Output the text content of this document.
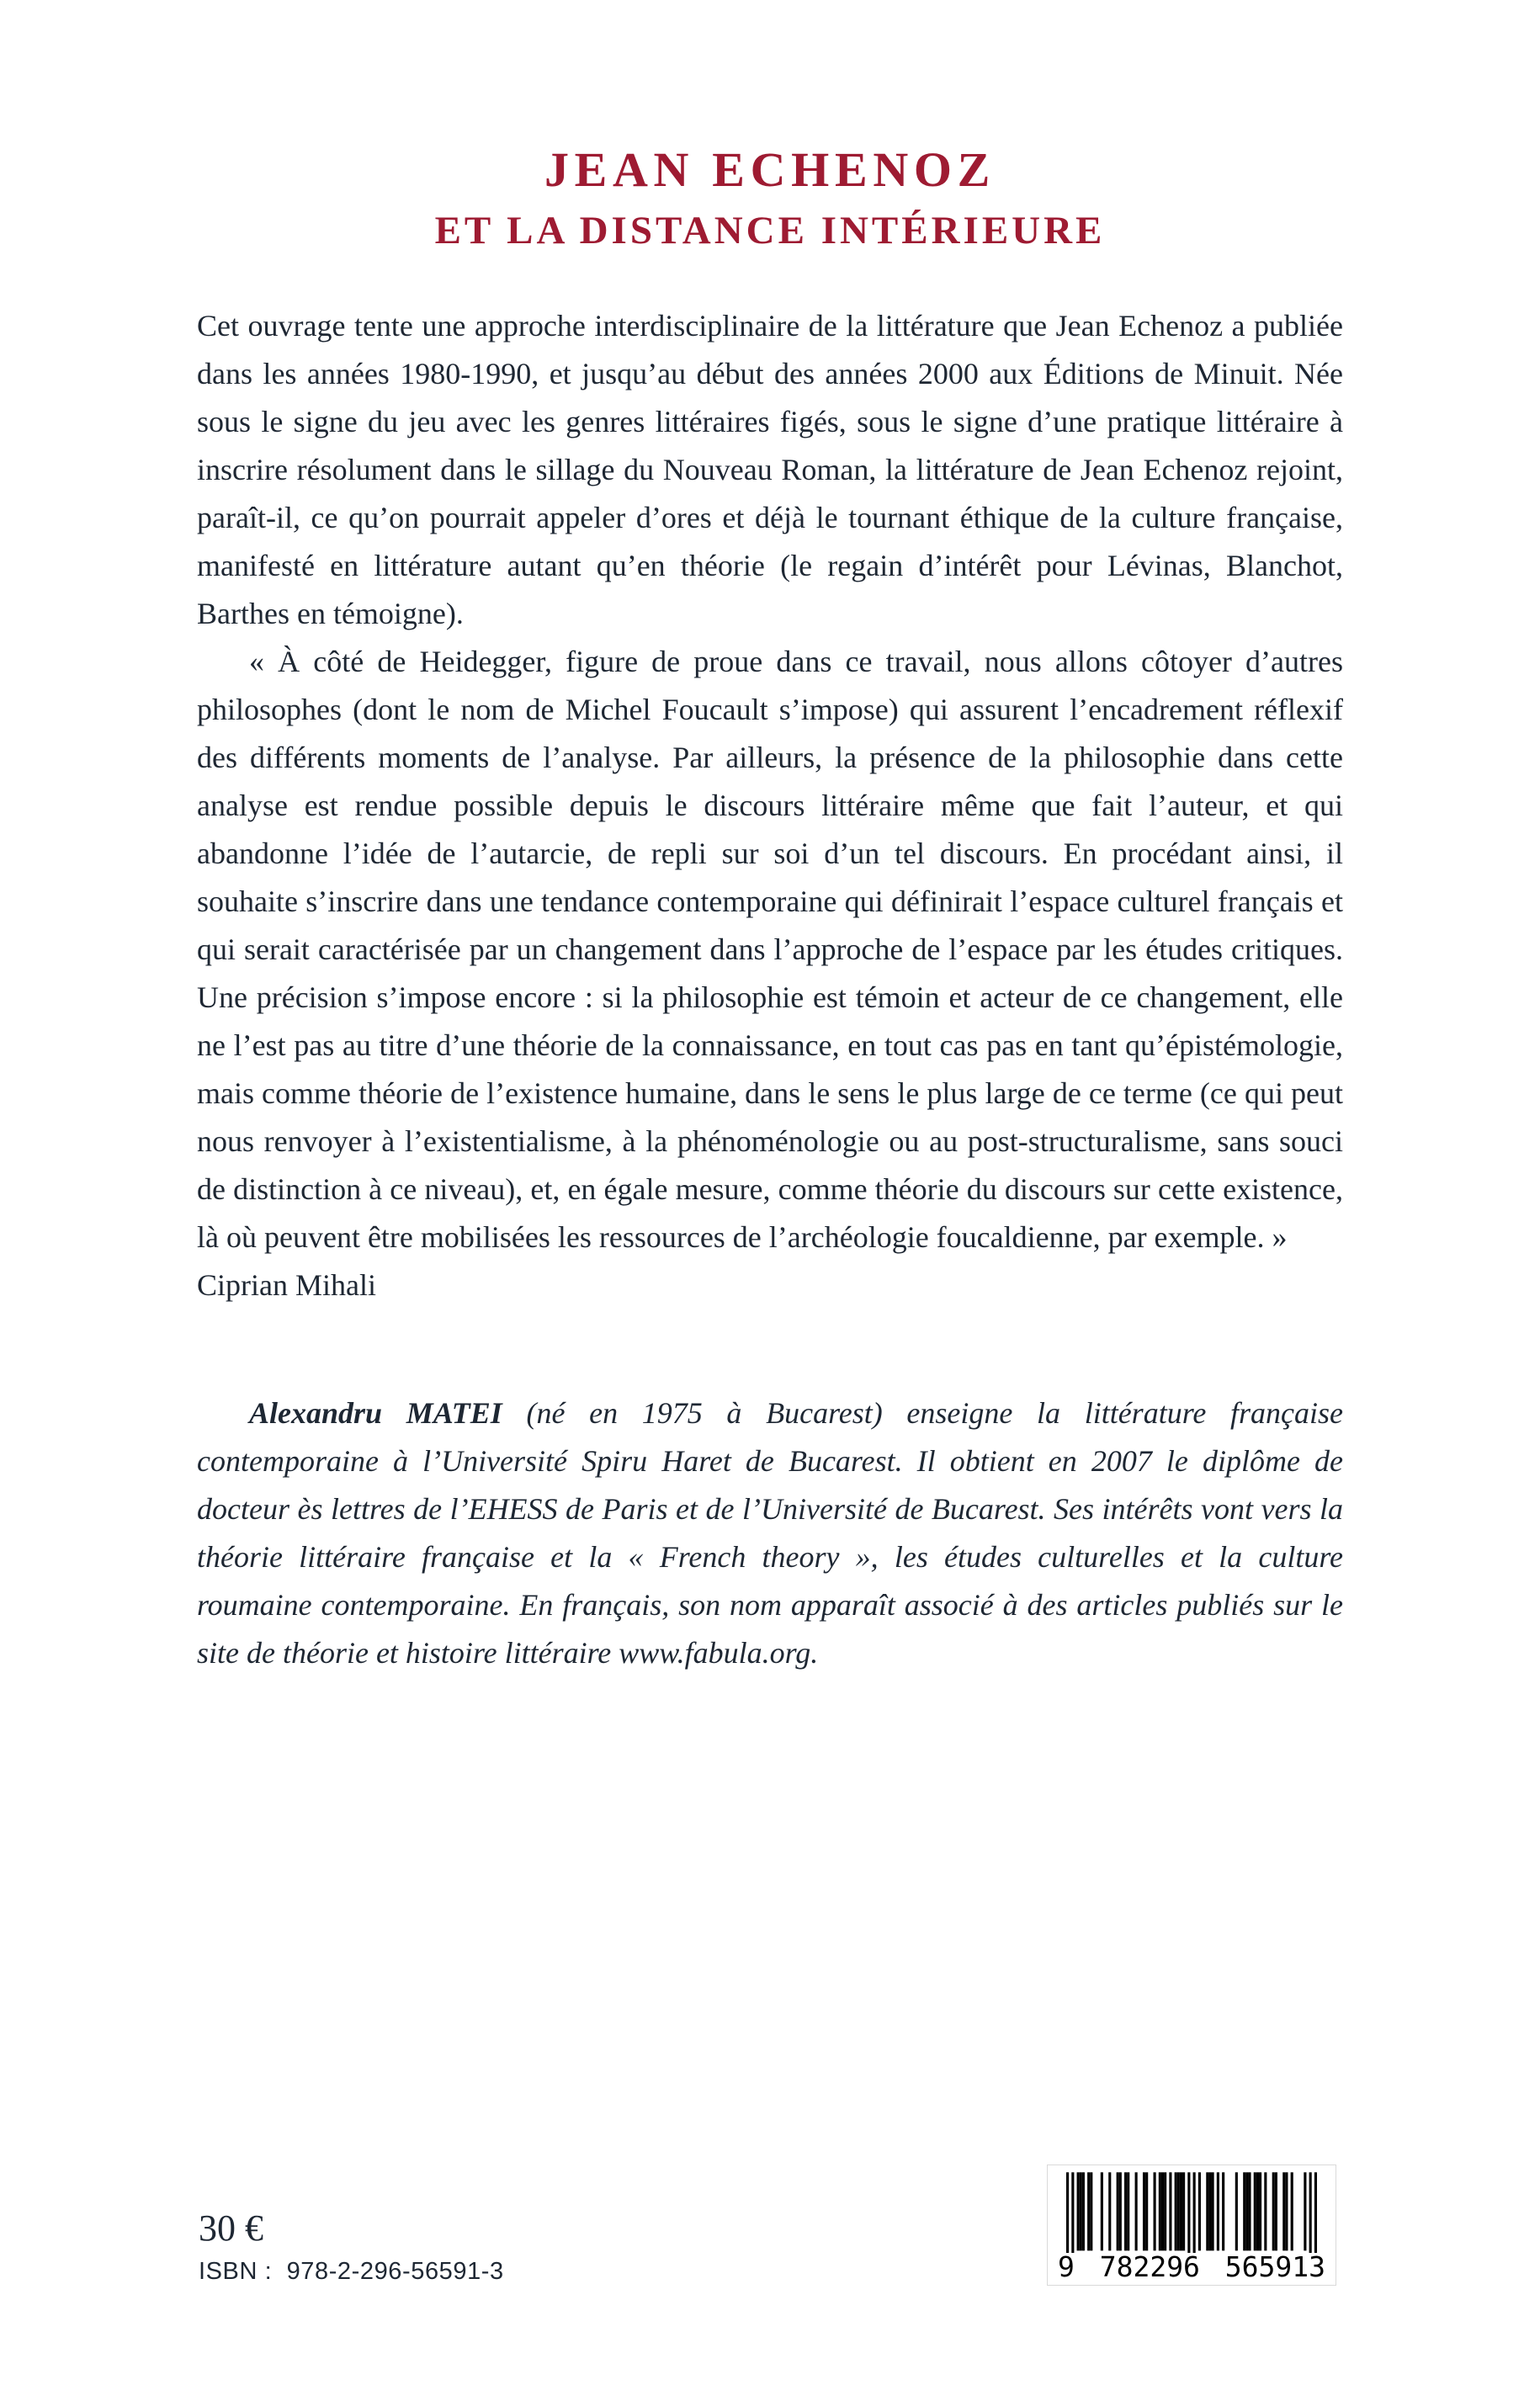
JEAN ECHENOZ
ET LA DISTANCE INTÉRIEURE

Cet ouvrage tente une approche interdisciplinaire de la littérature que Jean Echenoz a publiée dans les années 1980-1990, et jusqu’au début des années 2000 aux Éditions de Minuit. Née sous le signe du jeu avec les genres littéraires figés, sous le signe d’une pratique littéraire à inscrire résolument dans le sillage du Nouveau Roman, la littérature de Jean Echenoz rejoint, paraît-il, ce qu’on pourrait appeler d’ores et déjà le tournant éthique de la culture française, manifesté en littérature autant qu’en théorie (le regain d’intérêt pour Lévinas, Blanchot, Barthes en témoigne).

« À côté de Heidegger, figure de proue dans ce travail, nous allons côtoyer d’autres philosophes (dont le nom de Michel Foucault s’impose) qui assurent l’encadrement réflexif des différents moments de l’analyse. Par ailleurs, la présence de la philosophie dans cette analyse est rendue possible depuis le discours littéraire même que fait l’auteur, et qui abandonne l’idée de l’autarcie, de repli sur soi d’un tel discours. En procédant ainsi, il souhaite s’inscrire dans une tendance contemporaine qui définirait l’espace culturel français et qui serait caractérisée par un changement dans l’approche de l’espace par les études critiques. Une précision s’impose encore : si la philosophie est témoin et acteur de ce changement, elle ne l’est pas au titre d’une théorie de la connaissance, en tout cas pas en tant qu’épistémologie, mais comme théorie de l’existence humaine, dans le sens le plus large de ce terme (ce qui peut nous renvoyer à l’existentialisme, à la phénoménologie ou au post-structuralisme, sans souci de distinction à ce niveau), et, en égale mesure, comme théorie du discours sur cette existence, là où peuvent être mobilisées les ressources de l’archéologie foucaldienne, par exemple. »

Ciprian Mihali

Alexandru MATEI (né en 1975 à Bucarest) enseigne la littérature française contemporaine à l’Université Spiru Haret de Bucarest. Il obtient en 2007 le diplôme de docteur ès lettres de l’EHESS de Paris et de l’Université de Bucarest. Ses intérêts vont vers la théorie littéraire française et la « French theory », les études culturelles et la culture roumaine contemporaine. En français, son nom apparaît associé à des articles publiés sur le site de théorie et histoire littéraire www.fabula.org.

30 €
ISBN : 978-2-296-56591-3	9 782296 565913
